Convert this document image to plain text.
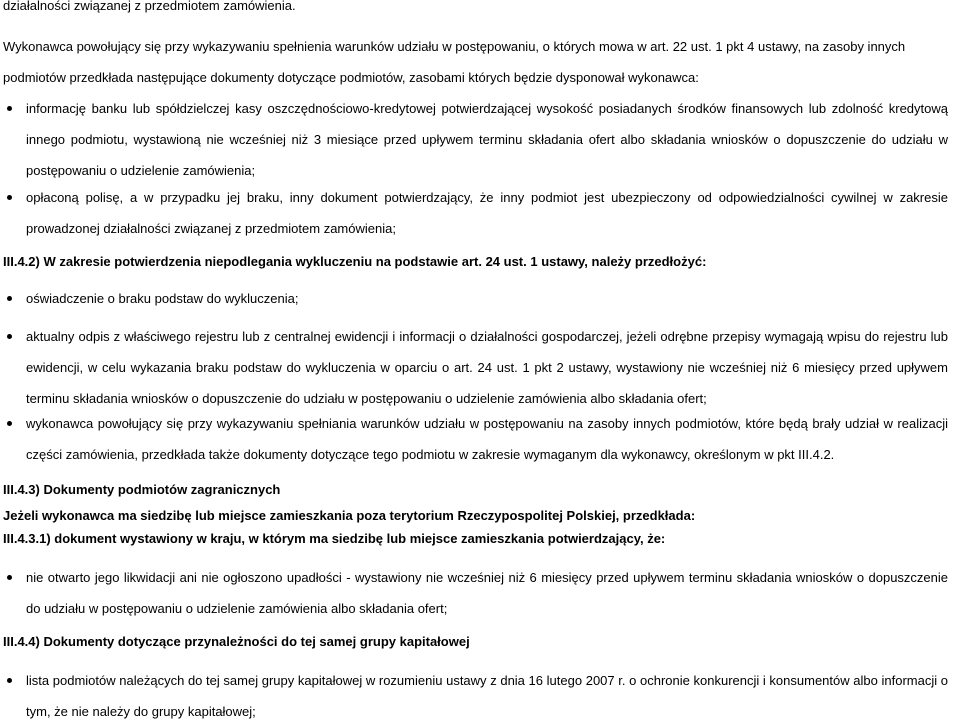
działalności związanej z przedmiotem zamówienia.
Wykonawca powołujący się przy wykazywaniu spełnienia warunków udziału w postępowaniu, o których mowa w art. 22 ust. 1 pkt 4 ustawy, na zasoby innych podmiotów przedkłada następujące dokumenty dotyczące podmiotów, zasobami których będzie dysponował wykonawca:
informację banku lub spółdzielczej kasy oszczędnościowo-kredytowej potwierdzającej wysokość posiadanych środków finansowych lub zdolność kredytową innego podmiotu, wystawioną nie wcześniej niż 3 miesiące przed upływem terminu składania ofert albo składania wniosków o dopuszczenie do udziału w postępowaniu o udzielenie zamówienia;
opłaconą polisę, a w przypadku jej braku, inny dokument potwierdzający, że inny podmiot jest ubezpieczony od odpowiedzialności cywilnej w zakresie prowadzonej działalności związanej z przedmiotem zamówienia;
III.4.2) W zakresie potwierdzenia niepodlegania wykluczeniu na podstawie art. 24 ust. 1 ustawy, należy przedłożyć:
oświadczenie o braku podstaw do wykluczenia;
aktualny odpis z właściwego rejestru lub z centralnej ewidencji i informacji o działalności gospodarczej, jeżeli odrębne przepisy wymagają wpisu do rejestru lub ewidencji, w celu wykazania braku podstaw do wykluczenia w oparciu o art. 24 ust. 1 pkt 2 ustawy, wystawiony nie wcześniej niż 6 miesięcy przed upływem terminu składania wniosków o dopuszczenie do udziału w postępowaniu o udzielenie zamówienia albo składania ofert;
wykonawca powołujący się przy wykazywaniu spełniania warunków udziału w postępowaniu na zasoby innych podmiotów, które będą brały udział w realizacji części zamówienia, przedkłada także dokumenty dotyczące tego podmiotu w zakresie wymaganym dla wykonawcy, określonym w pkt III.4.2.
III.4.3) Dokumenty podmiotów zagranicznych
Jeżeli wykonawca ma siedzibę lub miejsce zamieszkania poza terytorium Rzeczypospolitej Polskiej, przedkłada:
III.4.3.1) dokument wystawiony w kraju, w którym ma siedzibę lub miejsce zamieszkania potwierdzający, że:
nie otwarto jego likwidacji ani nie ogłoszono upadłości - wystawiony nie wcześniej niż 6 miesięcy przed upływem terminu składania wniosków o dopuszczenie do udziału w postępowaniu o udzielenie zamówienia albo składania ofert;
III.4.4) Dokumenty dotyczące przynależności do tej samej grupy kapitałowej
lista podmiotów należących do tej samej grupy kapitałowej w rozumieniu ustawy z dnia 16 lutego 2007 r. o ochronie konkurencji i konsumentów albo informacji o tym, że nie należy do grupy kapitałowej;
